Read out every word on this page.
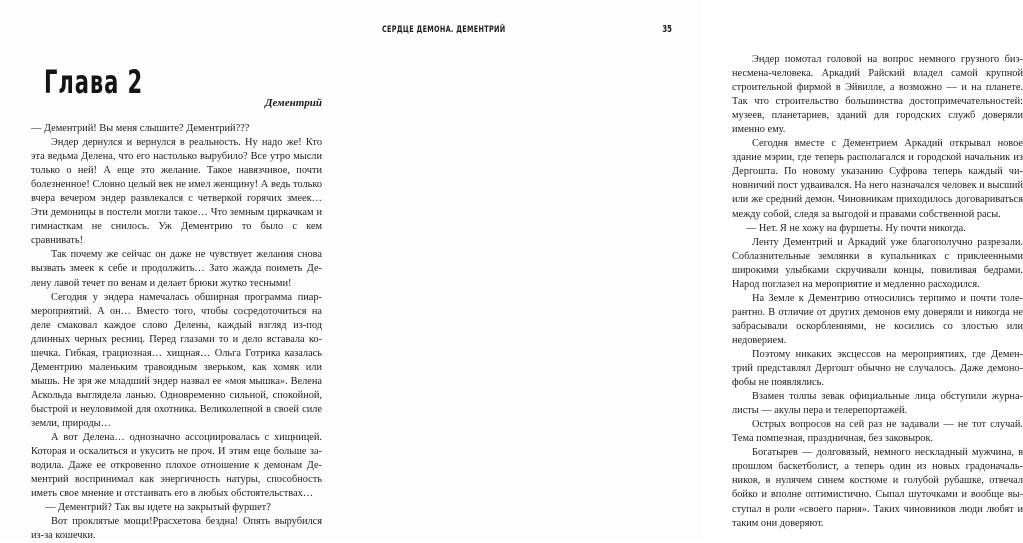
Глава 2
Дементрий

— Дементрий! Вы меня слышите? Дементрий???

Эндер дернулся и вернулся в реальность. Ну надо же! Кто эта ведьма Делена, что его настолько вырубило? Все утро мысли только о ней! А еще это желание. Такое навязчивое, почти болезненное! Словно целый век не имел женщину! А ведь только вчера вечером эндер развлекался с четверкой горячих змеек… Эти демоницы в постели могли такое… Что земным циркачкам и гимнасткам не снилось. Уж Дементрию то было с кем сравнивать!

Так почему же сейчас он даже не чувствует желания снова вызвать змеек к себе и продолжить… Зато жажда поиметь Делену лавой течет по венам и делает брюки жутко тесными!

Сегодня у эндера намечалась обширная программа пиар-мероприятий. А он… Вместо того, чтобы сосредоточиться на деле смаковал каждое слово Делены, каждый взгляд из-под длинных черных ресниц. Перед глазами то и дело вставала кошечка. Гибкая, грациозная… хищная… Ольга Готрика казалась Дементрию маленьким травоядным зверьком, как хомяк или мышь. Не зря же младший эндер назвал ее «моя мышка». Велена Аскольда выглядела ланью. Одновременно сильной, спокойной, быстрой и неуловимой для охотника. Великолепной в своей силе земли, природы…

А вот Делена… однозначно ассоциировалась с хищницей. Которая и оскалиться и укусить не проч. И этим еще больше заводила. Даже ее откровенно плохое отношение к демонам Дементрий воспринимал как энергичность натуры, способность иметь свое мнение и отстаивать его в любых обстоятельствах…

— Дементрий? Так вы идете на закрытый фуршет?

Вот проклятые мощи!Ррасхетова бездна! Опять вырубился из-за кошечки.

СЕРДЦЕ ДЕМОНА. ДЕМЕНТРИЙ	35

Эндер помотал головой на вопрос немного грузного бизнесмена-человека. Аркадий Райский владел самой крупной строительной фирмой в Эйвилле, а возможно — и на планете. Так что строительство большинства достопримечательностей: музеев, планетариев, зданий для городских служб доверяли именно ему.

Сегодня вместе с Дементрием Аркадий открывал новое здание мэрии, где теперь располагался и городской начальник из Дергошта. По новому указанию Суфрова теперь каждый чиновничий пост удваивался. На него назначался человек и высший или же средний демон. Чиновникам приходилось договариваться между собой, следя за выгодой и правами собственной расы.

— Нет. Я не хожу на фуршеты. Ну почти никогда.

Ленту Дементрий и Аркадий уже благополучно разрезали. Соблазнительные землянки в купальниках с приклеенными широкими улыбками скручивали концы, повиливая бедрами. Народ поглазел на мероприятие и медленно расходился.

На Земле к Дементрию относились терпимо и почти толерантно. В отличие от других демонов ему доверяли и никогда не забрасывали оскорблениями, не косились со злостью или недоверием.

Поэтому никаких эксцессов на мероприятиях, где Дементрий представлял Дергошт обычно не случалось. Даже демонофобы не появлялись.

Взамен толпы зевак официальные лица обступили журналисты — акулы пера и телерепортажей.

Острых вопросов на сей раз не задавали — не тот случай. Тема помпезная, праздничная, без заковырок.

Богатырев — долговязый, немного нескладный мужчина, в прошлом баскетболист, а теперь один из новых градоначальников, в нулячем синем костюме и голубой рубашке, отвечал бойко и вполне оптимистично. Сыпал шуточками и вообще выступал в роли «своего парня». Таких чиновников люди любят и таким они доверяют.
